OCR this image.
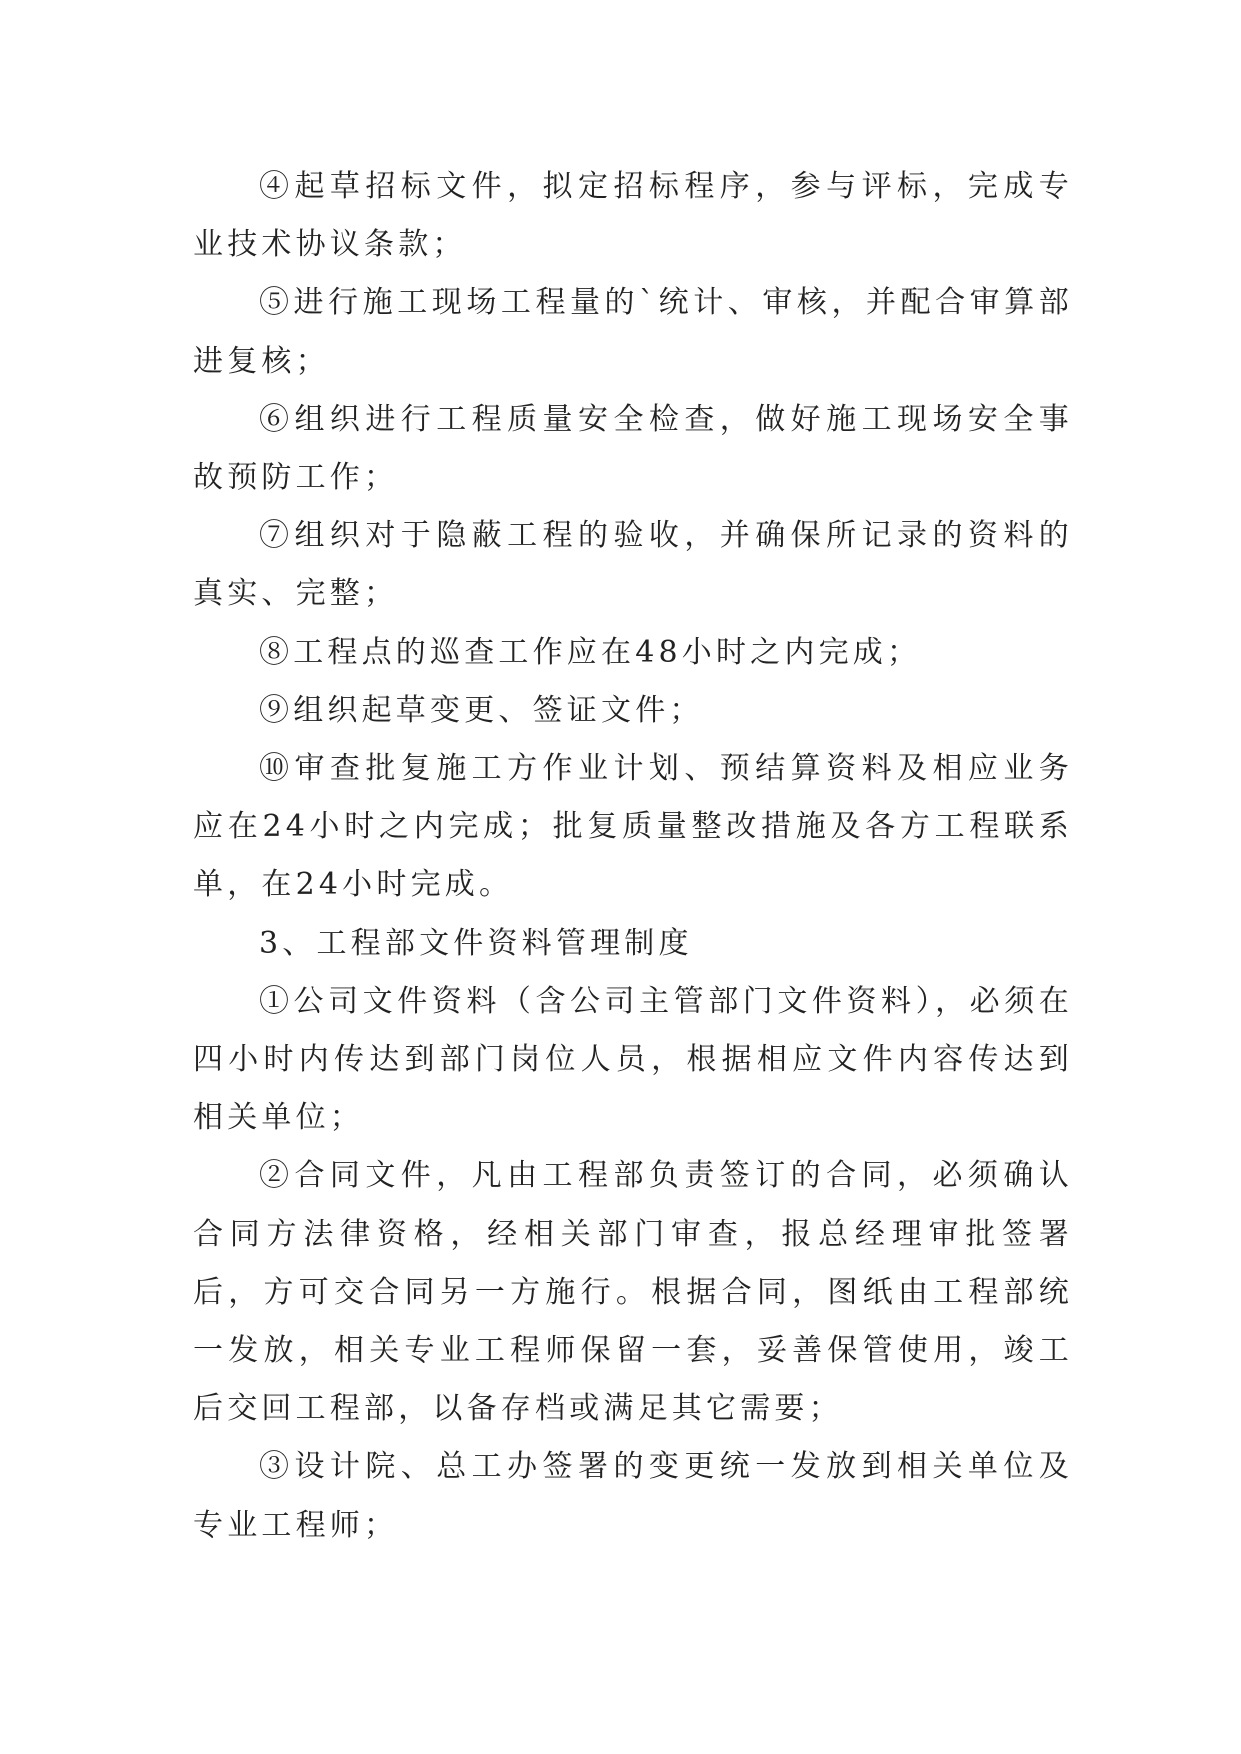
④起草招标文件，拟定招标程序，参与评标，完成专业技术协议条款；

⑤进行施工现场工程量的`统计、审核，并配合审算部进复核；

⑥组织进行工程质量安全检查，做好施工现场安全事故预防工作；

⑦组织对于隐蔽工程的验收，并确保所记录的资料的真实、完整；

⑧工程点的巡查工作应在48小时之内完成；

⑨组织起草变更、签证文件；

⑩审查批复施工方作业计划、预结算资料及相应业务应在24小时之内完成；批复质量整改措施及各方工程联系单，在24小时完成。

3、工程部文件资料管理制度

①公司文件资料（含公司主管部门文件资料），必须在四小时内传达到部门岗位人员，根据相应文件内容传达到相关单位；

②合同文件，凡由工程部负责签订的合同，必须确认合同方法律资格，经相关部门审查，报总经理审批签署后，方可交合同另一方施行。根据合同，图纸由工程部统一发放，相关专业工程师保留一套，妥善保管使用，竣工后交回工程部，以备存档或满足其它需要；

③设计院、总工办签署的变更统一发放到相关单位及专业工程师；
